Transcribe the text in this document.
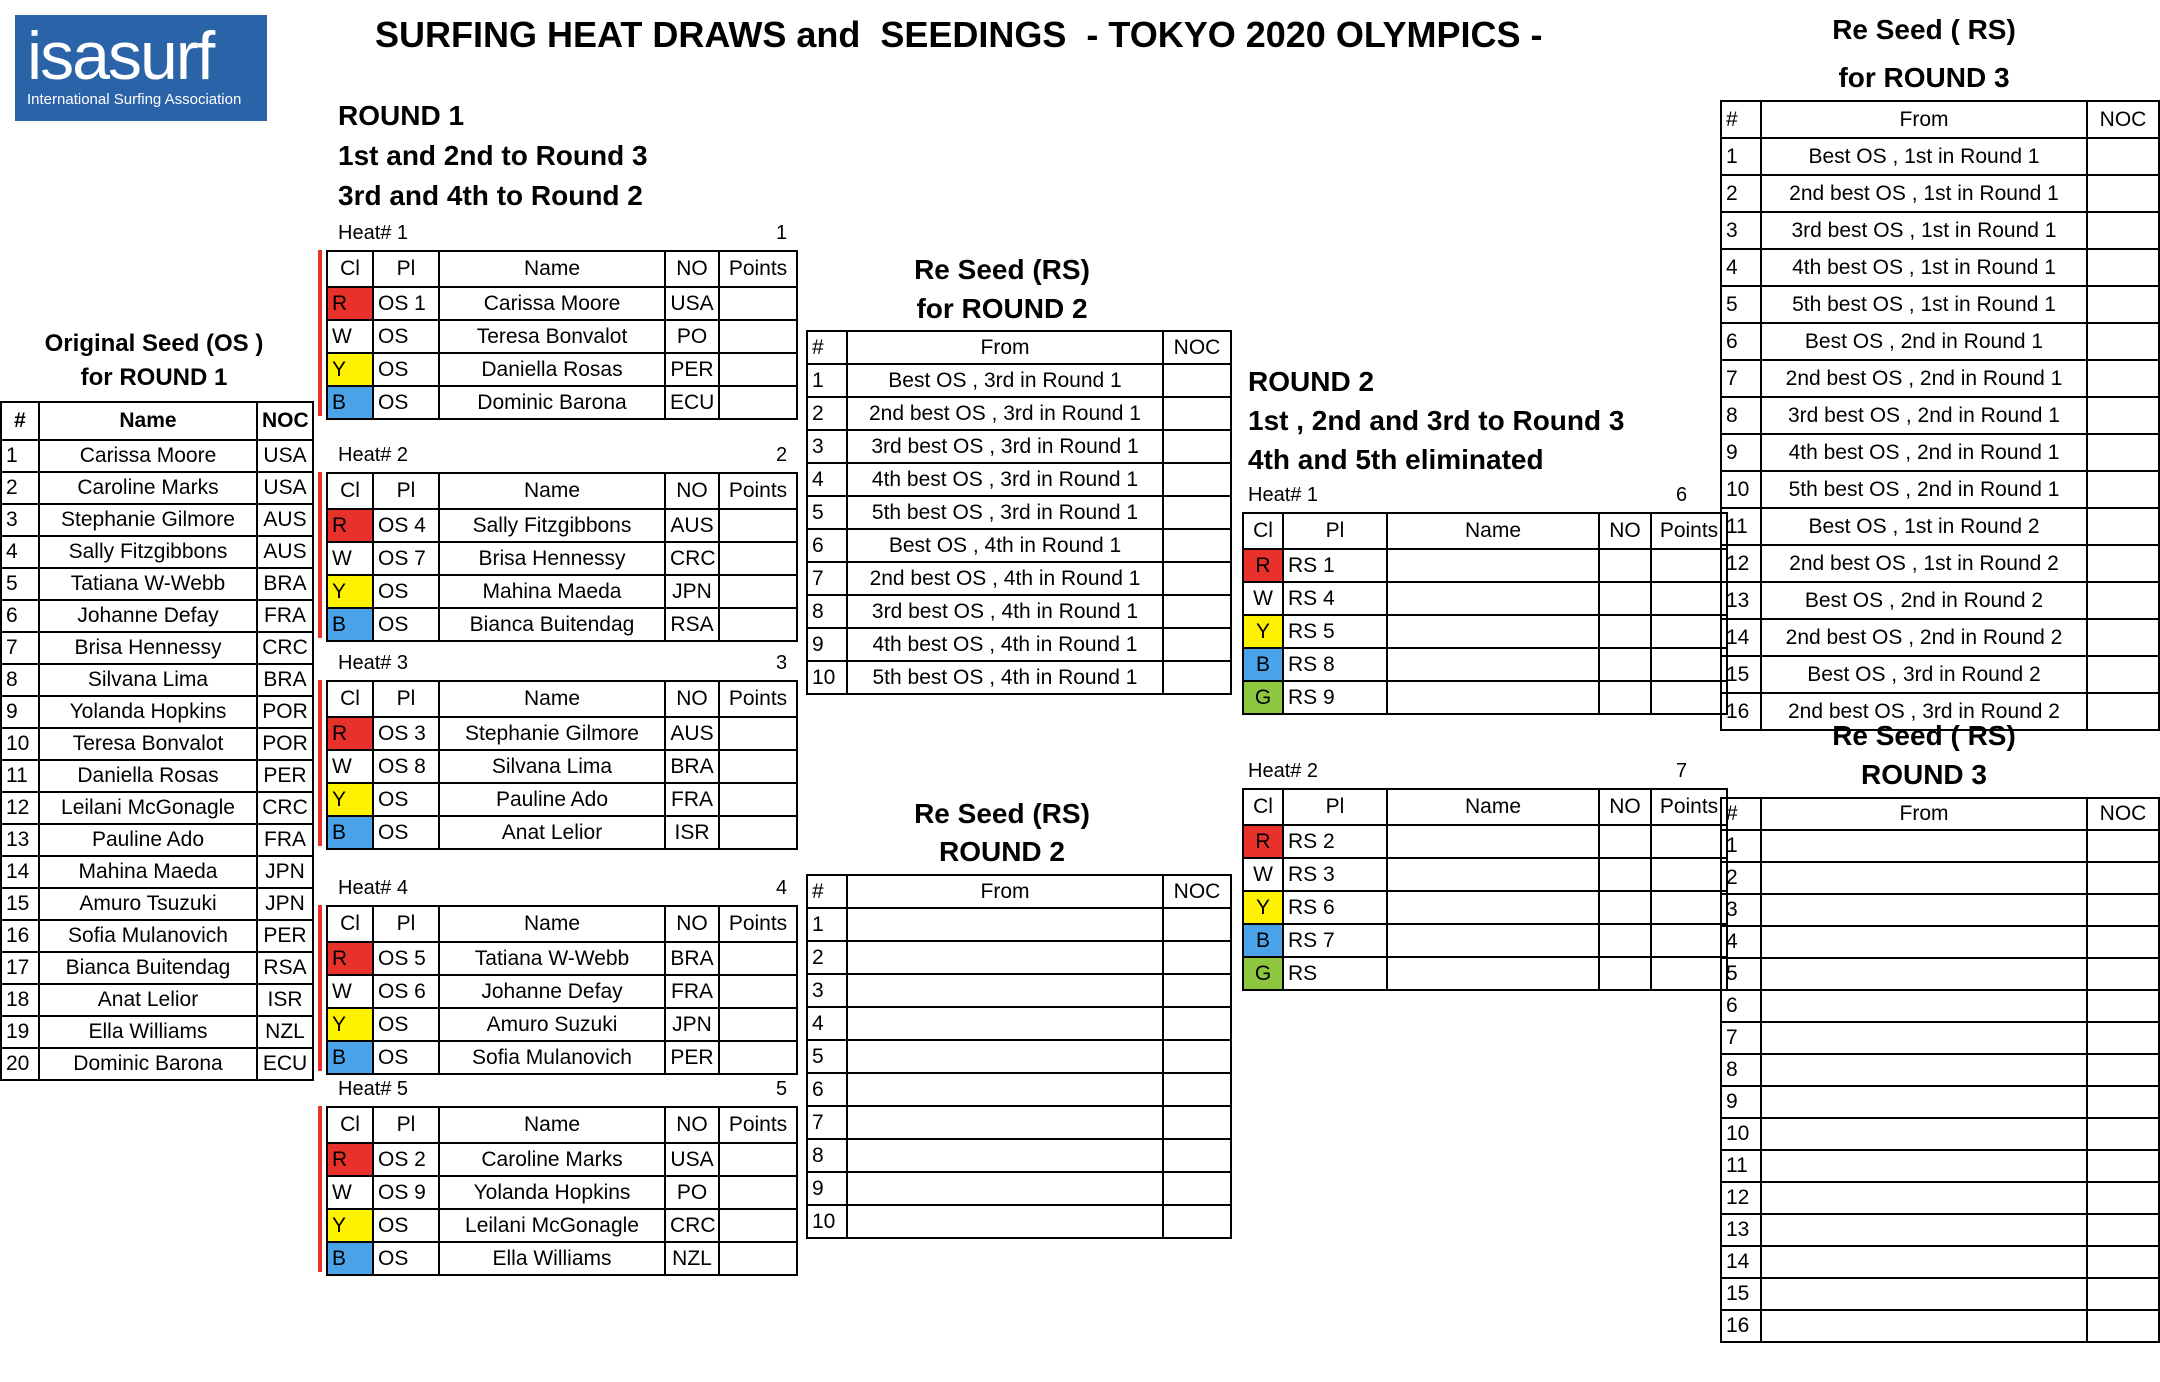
isasurf
International Surfing Association
SURFING HEAT DRAWS and  SEEDINGS  - TOKYO 2020 OLYMPICS -
Original Seed (OS )
for ROUND 1
#	Name	NOC
1	Carissa Moore	USA
2	Caroline Marks	USA
3	Stephanie Gilmore	AUS
4	Sally Fitzgibbons	AUS
5	Tatiana W-Webb	BRA
6	Johanne Defay	FRA
7	Brisa Hennessy	CRC
8	Silvana Lima	BRA
9	Yolanda Hopkins	POR
10	Teresa Bonvalot	POR
11	Daniella Rosas	PER
12	Leilani McGonagle	CRC
13	Pauline Ado	FRA
14	Mahina Maeda	JPN
15	Amuro Tsuzuki	JPN
16	Sofia Mulanovich	PER
17	Bianca Buitendag	RSA
18	Anat Lelior	ISR
19	Ella Williams	NZL
20	Dominic Barona	ECU
ROUND 1
1st and 2nd to Round 3
3rd and 4th to Round 2
Heat# 1	1
Cl	Pl	Name	NO	Points
R	OS 1	Carissa Moore	USA	
W	OS	Teresa Bonvalot	PO	
Y	OS	Daniella Rosas	PER	
B	OS	Dominic Barona	ECU	
Heat# 2	2
Cl	Pl	Name	NO	Points
R	OS 4	Sally Fitzgibbons	AUS	
W	OS 7	Brisa Hennessy	CRC	
Y	OS	Mahina Maeda	JPN	
B	OS	Bianca Buitendag	RSA	
Heat# 3	3
Cl	Pl	Name	NO	Points
R	OS 3	Stephanie Gilmore	AUS	
W	OS 8	Silvana Lima	BRA	
Y	OS	Pauline Ado	FRA	
B	OS	Anat Lelior	ISR	
Heat# 4	4
Cl	Pl	Name	NO	Points
R	OS 5	Tatiana W-Webb	BRA	
W	OS 6	Johanne Defay	FRA	
Y	OS	Amuro Suzuki	JPN	
B	OS	Sofia Mulanovich	PER	
Heat# 5	5
Cl	Pl	Name	NO	Points
R	OS 2	Caroline Marks	USA	
W	OS 9	Yolanda Hopkins	PO	
Y	OS	Leilani McGonagle	CRC	
B	OS	Ella Williams	NZL	
Re Seed (RS)
for ROUND 2
#	From	NOC
1	Best OS , 3rd in Round 1	
2	2nd best OS , 3rd in Round 1	
3	3rd best OS , 3rd in Round 1	
4	4th best OS , 3rd in Round 1	
5	5th best OS , 3rd in Round 1	
6	Best OS , 4th in Round 1	
7	2nd best OS , 4th in Round 1	
8	3rd best OS , 4th in Round 1	
9	4th best OS , 4th in Round 1	
10	5th best OS , 4th in Round 1	
Re Seed (RS)
ROUND 2
#	From	NOC
1		
2		
3		
4		
5		
6		
7		
8		
9		
10		
ROUND 2
1st , 2nd and 3rd to Round 3
4th and 5th eliminated
Heat# 1	6
Cl	Pl	Name	NO	Points
R	RS 1			
W	RS 4			
Y	RS 5			
B	RS 8			
G	RS 9			
Heat# 2	7
Cl	Pl	Name	NO	Points
R	RS 2			
W	RS 3			
Y	RS 6			
B	RS 7			
G	RS			
Re Seed ( RS)
for ROUND 3
#	From	NOC
1	Best OS , 1st in Round 1	
2	2nd best OS , 1st in Round 1	
3	3rd best OS , 1st in Round 1	
4	4th best OS , 1st in Round 1	
5	5th best OS , 1st in Round 1	
6	Best OS , 2nd in Round 1	
7	2nd best OS , 2nd in Round 1	
8	3rd best OS , 2nd in Round 1	
9	4th best OS , 2nd in Round 1	
10	5th best OS , 2nd in Round 1	
11	Best OS , 1st in Round 2	
12	2nd best OS , 1st in Round 2	
13	Best OS , 2nd in Round 2	
14	2nd best OS , 2nd in Round 2	
15	Best OS , 3rd in Round 2	
16	2nd best OS , 3rd in Round 2	
Re Seed ( RS)
ROUND 3
#	From	NOC
1		
2		
3		
4		
5		
6		
7		
8		
9		
10		
11		
12		
13		
14		
15		
16		
